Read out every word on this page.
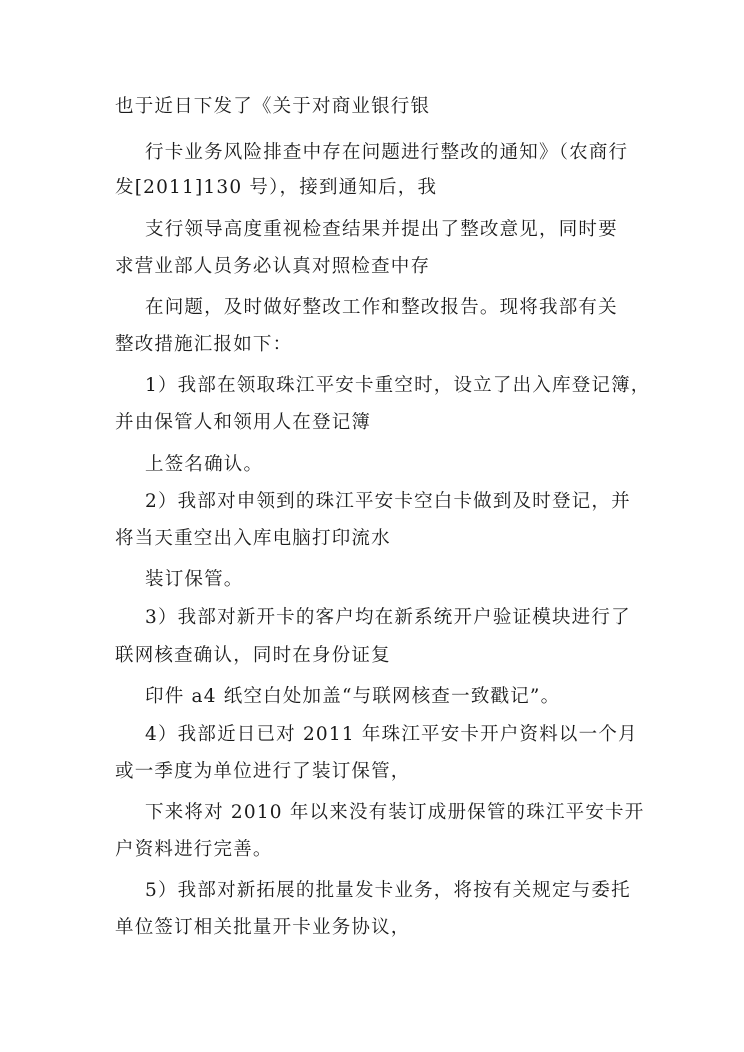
也于近日下发了《关于对商业银行银

行卡业务风险排查中存在问题进行整改的通知》（农商行

发[2011]130 号），接到通知后，我

支行领导高度重视检查结果并提出了整改意见，同时要

求营业部人员务必认真对照检查中存

在问题，及时做好整改工作和整改报告。现将我部有关

整改措施汇报如下：

1）我部在领取珠江平安卡重空时，设立了出入库登记簿，

并由保管人和领用人在登记簿

上签名确认。

2）我部对申领到的珠江平安卡空白卡做到及时登记，并

将当天重空出入库电脑打印流水

装订保管。

3）我部对新开卡的客户均在新系统开户验证模块进行了

联网核查确认，同时在身份证复

印件 a4 纸空白处加盖“与联网核查一致戳记”。

4）我部近日已对 2011 年珠江平安卡开户资料以一个月

或一季度为单位进行了装订保管，

下来将对 2010 年以来没有装订成册保管的珠江平安卡开

户资料进行完善。

5）我部对新拓展的批量发卡业务，将按有关规定与委托

单位签订相关批量开卡业务协议，
